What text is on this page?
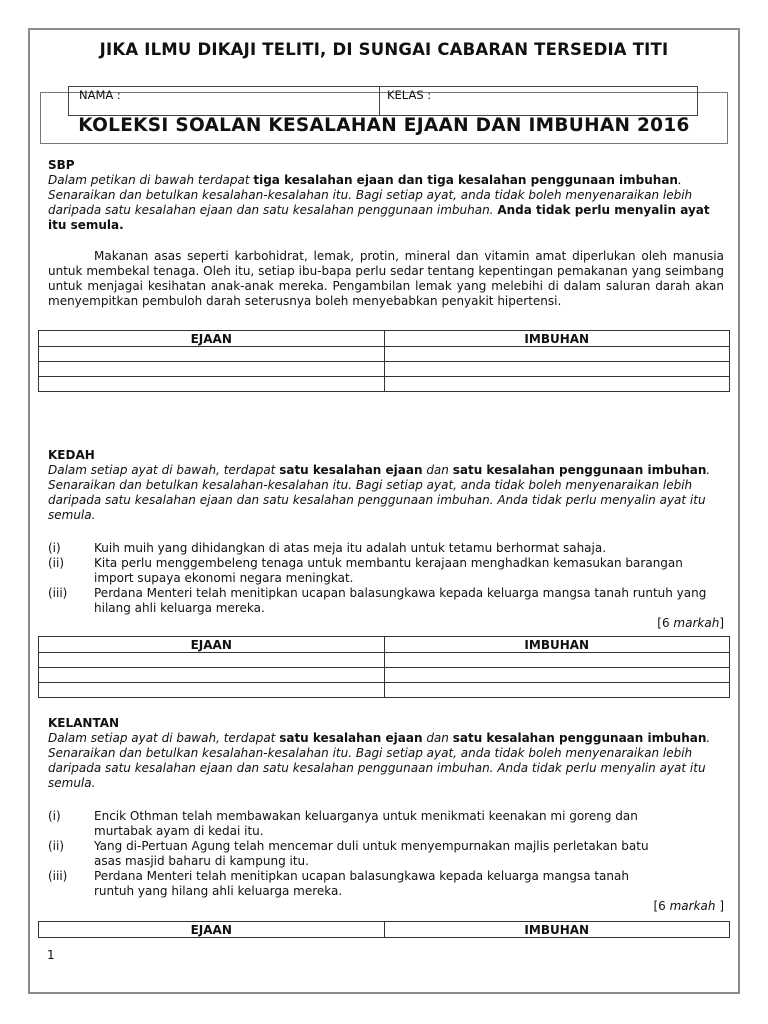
JIKA ILMU DIKAJI TELITI, DI SUNGAI CABARAN TERSEDIA TITI
KOLEKSI SOALAN KESALAHAN EJAAN DAN IMBUHAN 2016
NAMA :	KELAS :
SBP
Dalam petikan di bawah terdapat tiga kesalahan ejaan dan tiga kesalahan penggunaan imbuhan. Senaraikan dan betulkan kesalahan-kesalahan itu. Bagi setiap ayat, anda tidak boleh menyenaraikan lebih daripada satu kesalahan ejaan dan satu kesalahan penggunaan imbuhan. Anda tidak perlu menyalin ayat itu semula.
Makanan asas seperti karbohidrat, lemak, protin, mineral dan vitamin amat diperlukan oleh manusia untuk membekal tenaga. Oleh itu, setiap ibu-bapa perlu sedar tentang kepentingan pemakanan yang seimbang untuk menjagai kesihatan anak-anak mereka. Pengambilan lemak yang melebihi di dalam saluran darah akan menyempitkan pembuloh darah seterusnya boleh menyebabkan penyakit hipertensi.
EJAAN	IMBUHAN

KEDAH
Dalam setiap ayat di bawah, terdapat satu kesalahan ejaan dan satu kesalahan penggunaan imbuhan. Senaraikan dan betulkan kesalahan-kesalahan itu. Bagi setiap ayat, anda tidak boleh menyenaraikan lebih daripada satu kesalahan ejaan dan satu kesalahan penggunaan imbuhan. Anda tidak perlu menyalin ayat itu semula.
(i)	Kuih muih yang dihidangkan di atas meja itu adalah untuk tetamu berhormat sahaja.
(ii) Kita perlu menggembeleng tenaga untuk membantu kerajaan menghadkan kemasukan barangan import supaya ekonomi negara meningkat.
(iii) Perdana Menteri telah menitipkan ucapan balasungkawa kepada keluarga mangsa tanah runtuh yang hilang ahli keluarga mereka.
[6 markah]
EJAAN	IMBUHAN

KELANTAN
Dalam setiap ayat di bawah, terdapat satu kesalahan ejaan dan satu kesalahan penggunaan imbuhan. Senaraikan dan betulkan kesalahan-kesalahan itu. Bagi setiap ayat, anda tidak boleh menyenaraikan lebih daripada satu kesalahan ejaan dan satu kesalahan penggunaan imbuhan. Anda tidak perlu menyalin ayat itu semula.
(i)	Encik Othman telah membawakan keluarganya untuk menikmati keenakan mi goreng dan murtabak ayam di kedai itu.
(ii) Yang di-Pertuan Agung telah mencemar duli untuk menyempurnakan majlis perletakan batu asas masjid baharu di kampung itu.
(iii) Perdana Menteri telah menitipkan ucapan balasungkawa kepada keluarga mangsa tanah runtuh yang hilang ahli keluarga mereka.
[6 markah ]
EJAAN	IMBUHAN
1
